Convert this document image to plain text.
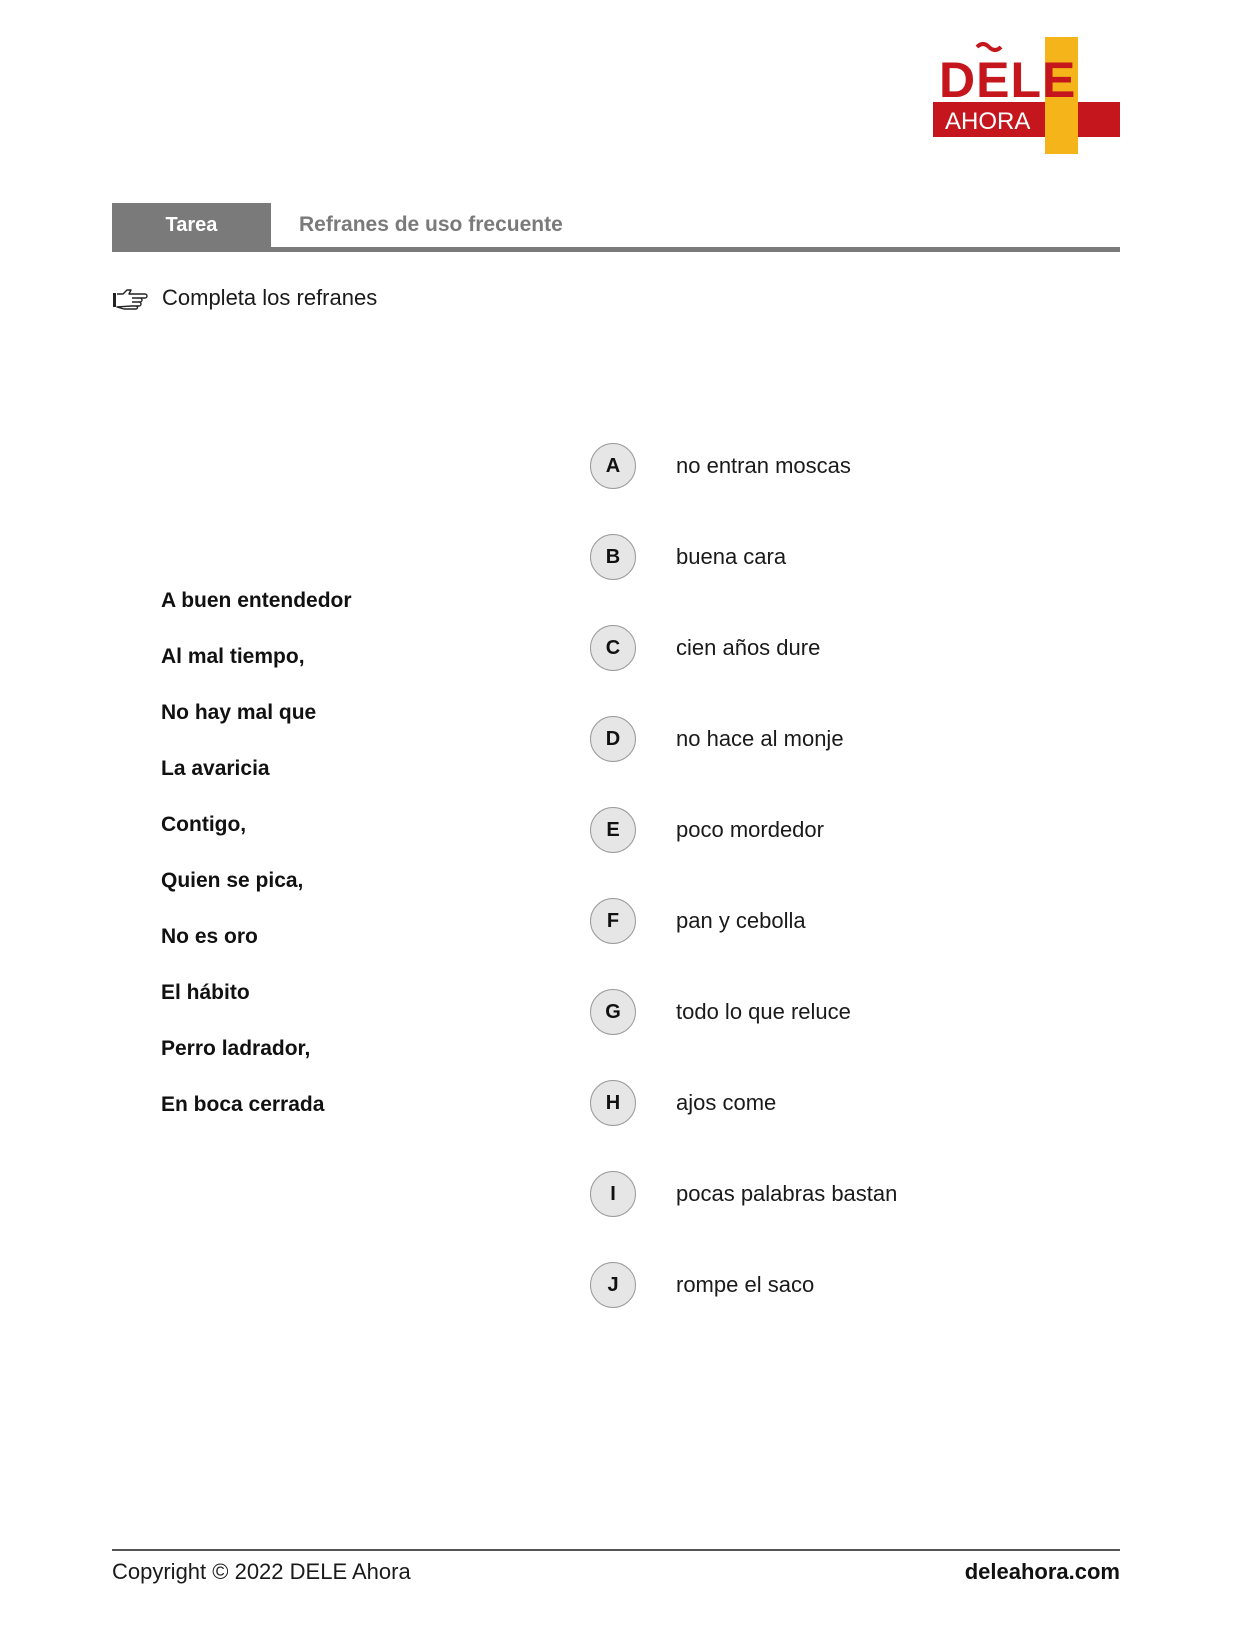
DELE
AHORA
Tarea	Refranes de uso frecuente
Completa los refranes
A buen entendedor
Al mal tiempo,
No hay mal que
La avaricia
Contigo,
Quien se pica,
No es oro
El hábito
Perro ladrador,
En boca cerrada
A	no entran moscas
B	buena cara
C	cien años dure
D	no hace al monje
E	poco mordedor
F	pan y cebolla
G	todo lo que reluce
H	ajos come
I	pocas palabras bastan
J	rompe el saco
Copyright © 2022 DELE Ahora	deleahora.com
